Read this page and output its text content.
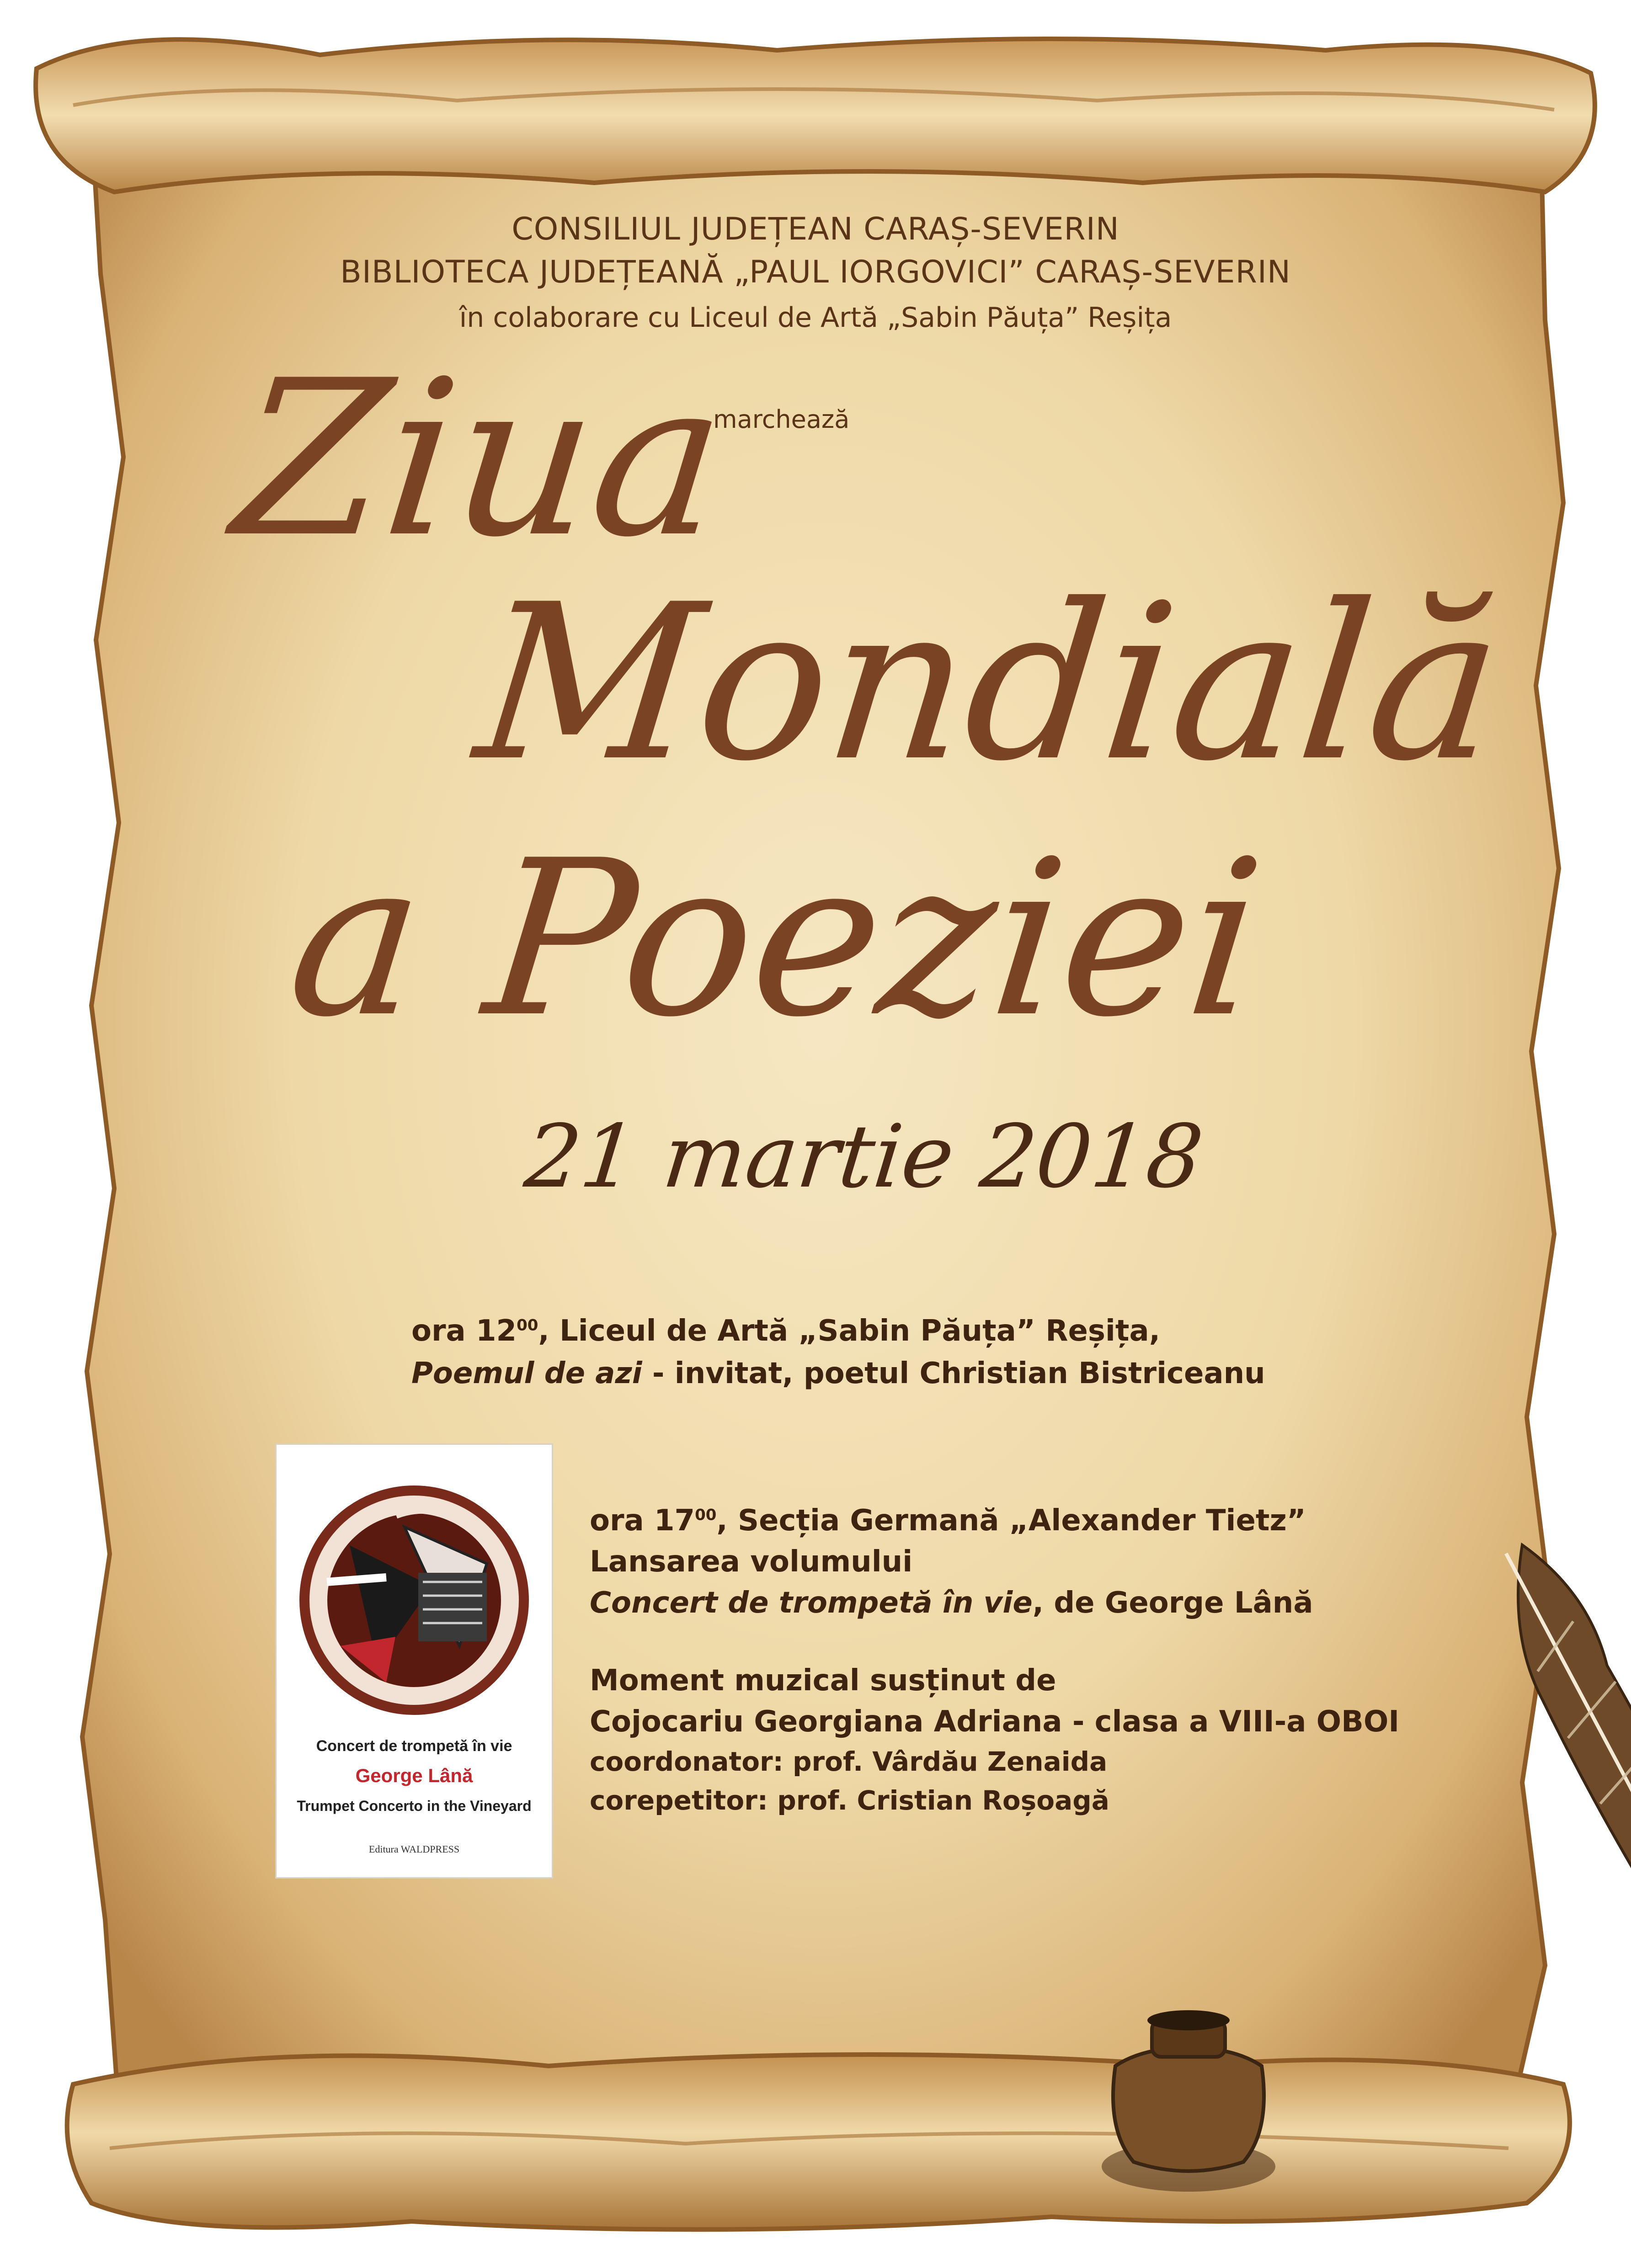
CONSILIUL JUDEȚEAN CARAȘ-SEVERIN
BIBLIOTECA JUDEȚEANĂ „PAUL IORGOVICI” CARAȘ-SEVERIN
în colaborare cu Liceul de Artă „Sabin Păuța” Reșița
marchează
Ziua
Mondială
a Poeziei
21 martie 2018
ora $12^{00}$, Liceul de Artă „Sabin Păuța” Reșița,
Poemul de azi - invitat, poetul Christian Bistriceanu
Concert de trompetă în vie
George Lână
Trumpet Concerto in the Vineyard
Editura WALDPRESS
ora $17^{00}$, Secția Germană „Alexander Tietz”
Lansarea volumului
Concert de trompetă în vie, de George Lână
Moment muzical susținut de
Cojocariu Georgiana Adriana - clasa a VIII-a OBOI
coordonator: prof. Vârdău Zenaida
corepetitor: prof. Cristian Roșoagă
